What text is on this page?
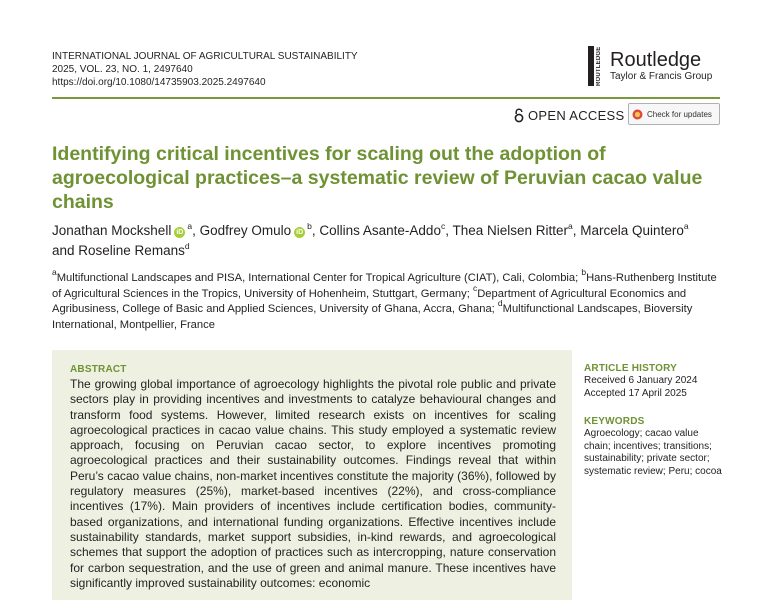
INTERNATIONAL JOURNAL OF AGRICULTURAL SUSTAINABILITY
2025, VOL. 23, NO. 1, 2497640
https://doi.org/10.1080/14735903.2025.2497640	ROUTLEDGE Routledge
Taylor & Francis Group
OPEN ACCESS	Check for updates
Identifying critical incentives for scaling out the adoption of agroecological practices–a systematic review of Peruvian cacao value chains
Jonathan Mockshell $iD^a$, Godfrey Omulo $iD^b$, Collins Asante-Addo$^c$, Thea Nielsen Ritter$^a$, Marcela Quintero$^a$ and Roseline Remans$^d$
$^a$Multifunctional Landscapes and PISA, International Center for Tropical Agriculture (CIAT), Cali, Colombia; $^b$Hans-Ruthenberg Institute of Agricultural Sciences in the Tropics, University of Hohenheim, Stuttgart, Germany; $^c$Department of Agricultural Economics and Agribusiness, College of Basic and Applied Sciences, University of Ghana, Accra, Ghana; $^d$Multifunctional Landscapes, Bioversity International, Montpellier, France
ABSTRACT

The growing global importance of agroecology highlights the pivotal role public and private sectors play in providing incentives and investments to catalyze behavioural changes and transform food systems. However, limited research exists on incentives for scaling agroecological practices in cacao value chains. This study employed a systematic review approach, focusing on Peruvian cacao sector, to explore incentives promoting agroecological practices and their sustainability outcomes. Findings reveal that within Peru’s cacao value chains, non-market incentives constitute the majority (36%), followed by regulatory measures (25%), market-based incentives (22%), and cross-compliance incentives (17%). Main providers of incentives include certification bodies, community-based organizations, and international funding organizations. Effective incentives include sustainability standards, market support subsidies, in-kind rewards, and agroecological schemes that support the adoption of practices such as intercropping, nature conservation for carbon sequestration, and the use of green and animal manure. These incentives have significantly improved sustainability outcomes: economic

ARTICLE HISTORY
Received 6 January 2024
Accepted 17 April 2025
KEYWORDS
Agroecology; cacao value chain; incentives; transitions; sustainability; private sector; systematic review; Peru; cocoa
